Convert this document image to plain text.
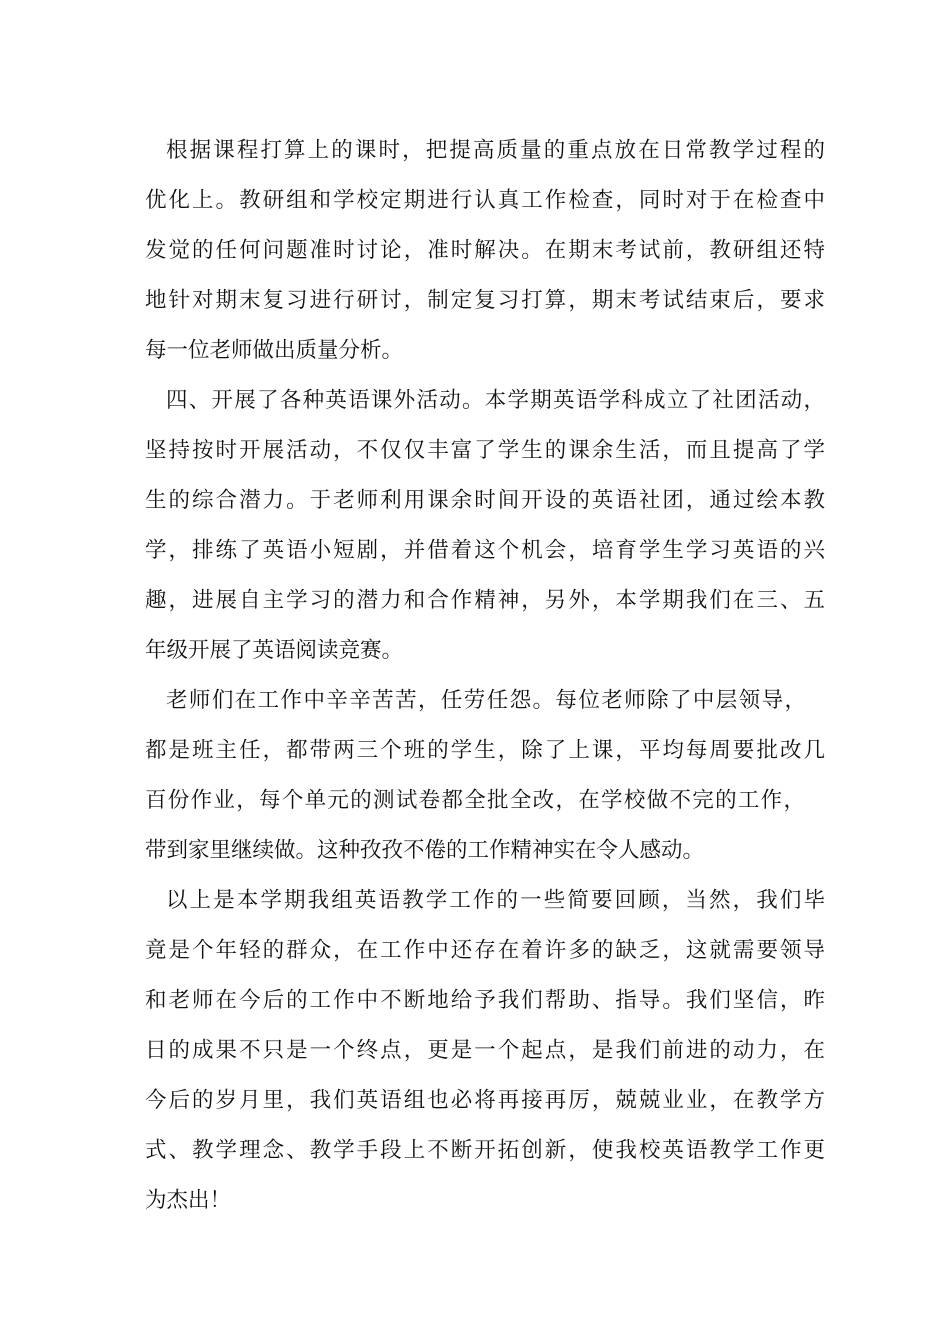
根据课程打算上的课时，把提高质量的重点放在日常教学过程的
优化上。教研组和学校定期进行认真工作检查，同时对于在检查中
发觉的任何问题准时讨论，准时解决。在期末考试前，教研组还特
地针对期末复习进行研讨，制定复习打算，期末考试结束后，要求
每一位老师做出质量分析。
四、开展了各种英语课外活动。本学期英语学科成立了社团活动，
坚持按时开展活动，不仅仅丰富了学生的课余生活，而且提高了学
生的综合潜力。于老师利用课余时间开设的英语社团，通过绘本教
学，排练了英语小短剧，并借着这个机会，培育学生学习英语的兴
趣，进展自主学习的潜力和合作精神，另外，本学期我们在三、五
年级开展了英语阅读竞赛。
老师们在工作中辛辛苦苦，任劳任怨。每位老师除了中层领导，
都是班主任，都带两三个班的学生，除了上课，平均每周要批改几
百份作业，每个单元的测试卷都全批全改，在学校做不完的工作，
带到家里继续做。这种孜孜不倦的工作精神实在令人感动。
以上是本学期我组英语教学工作的一些简要回顾，当然，我们毕
竟是个年轻的群众，在工作中还存在着许多的缺乏，这就需要领导
和老师在今后的工作中不断地给予我们帮助、指导。我们坚信，昨
日的成果不只是一个终点，更是一个起点，是我们前进的动力，在
今后的岁月里，我们英语组也必将再接再厉，兢兢业业，在教学方
式、教学理念、教学手段上不断开拓创新，使我校英语教学工作更
为杰出！
